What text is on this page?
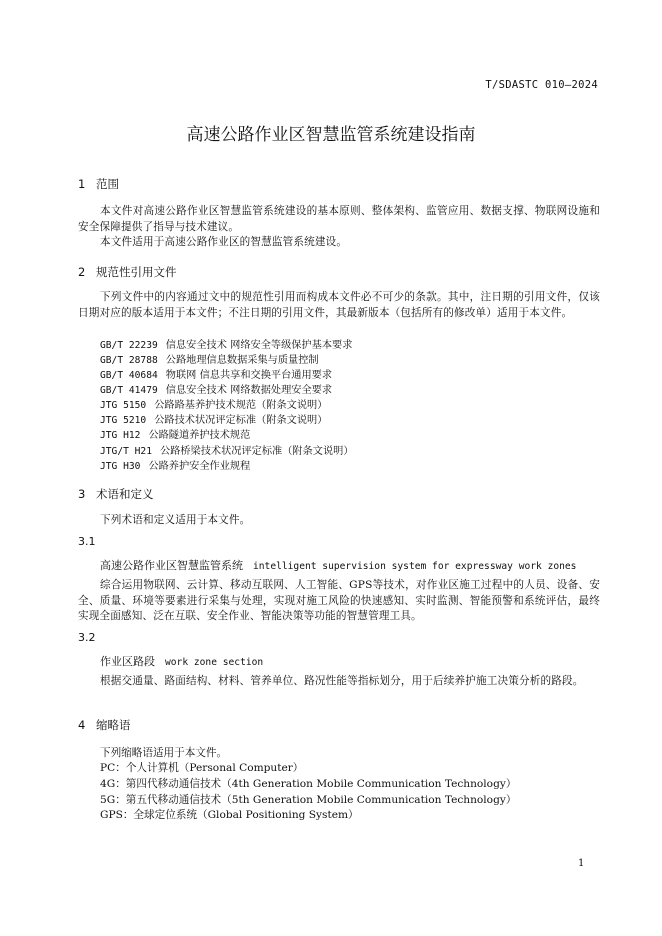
T/SDASTC 010—2024
高速公路作业区智慧监管系统建设指南
1 范围
本文件对高速公路作业区智慧监管系统建设的基本原则、整体架构、监管应用、数据支撑、物联网设施和安全保障提供了指导与技术建议。
本文件适用于高速公路作业区的智慧监管系统建设。
2 规范性引用文件
下列文件中的内容通过文中的规范性引用而构成本文件必不可少的条款。其中，注日期的引用文件，仅该日期对应的版本适用于本文件；不注日期的引用文件，其最新版本（包括所有的修改单）适用于本文件。
GB/T 22239 信息安全技术 网络安全等级保护基本要求
GB/T 28788 公路地理信息数据采集与质量控制
GB/T 40684 物联网 信息共享和交换平台通用要求
GB/T 41479 信息安全技术 网络数据处理安全要求
JTG 5150 公路路基养护技术规范（附条文说明）
JTG 5210 公路技术状况评定标准（附条文说明）
JTG H12 公路隧道养护技术规范
JTG/T H21 公路桥梁技术状况评定标准（附条文说明）
JTG H30 公路养护安全作业规程
3 术语和定义
下列术语和定义适用于本文件。
3.1
高速公路作业区智慧监管系统 intelligent supervision system for expressway work zones
综合运用物联网、云计算、移动互联网、人工智能、GPS等技术，对作业区施工过程中的人员、设备、安全、质量、环境等要素进行采集与处理，实现对施工风险的快速感知、实时监测、智能预警和系统评估，最终实现全面感知、泛在互联、安全作业、智能决策等功能的智慧管理工具。
3.2
作业区路段 work zone section
根据交通量、路面结构、材料、管养单位、路况性能等指标划分，用于后续养护施工决策分析的路段。
4 缩略语
下列缩略语适用于本文件。
PC：个人计算机（Personal Computer）
4G：第四代移动通信技术（4th Generation Mobile Communication Technology）
5G：第五代移动通信技术（5th Generation Mobile Communication Technology）
GPS：全球定位系统（Global Positioning System）
1
